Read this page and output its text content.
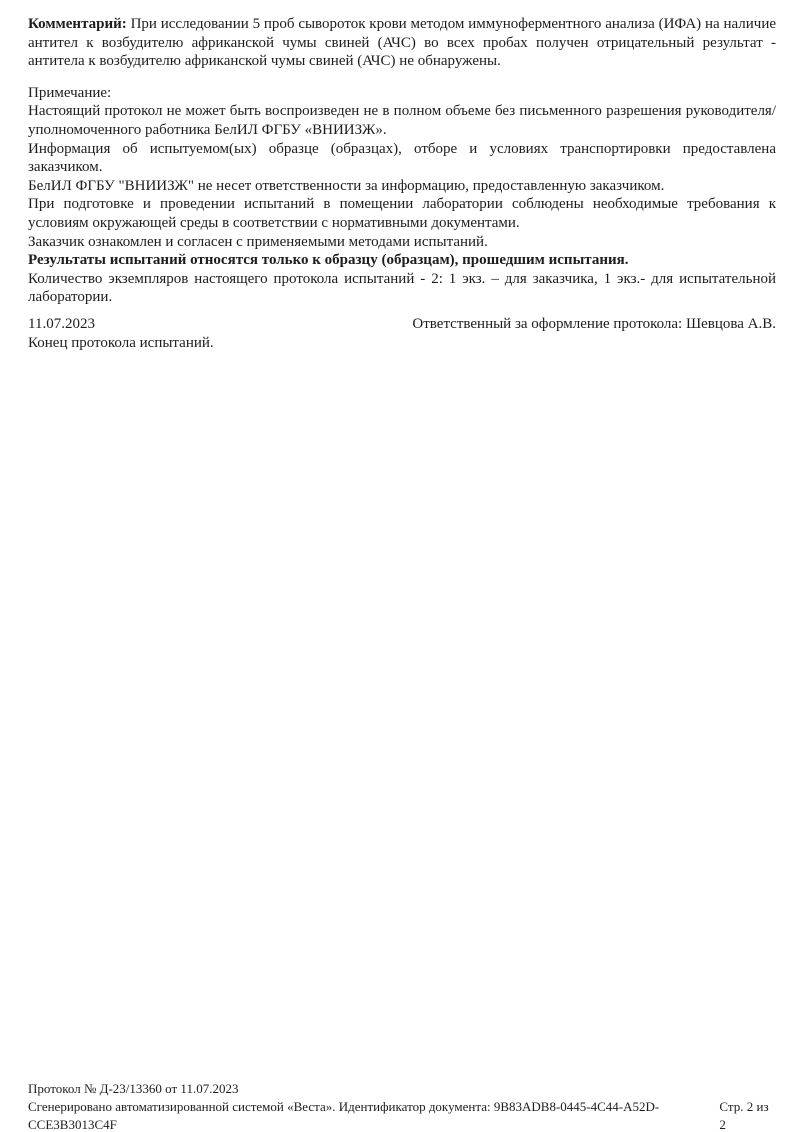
Комментарий: При исследовании 5 проб сывороток крови методом иммуноферментного анализа (ИФА) на наличие антител к возбудителю африканской чумы свиней (АЧС) во всех пробах получен отрицательный результат - антитела к возбудителю африканской чумы свиней (АЧС) не обнаружены.

Примечание:
Настоящий протокол не может быть воспроизведен не в полном объеме без письменного разрешения руководителя/уполномоченного работника БелИЛ ФГБУ «ВНИИЗЖ».
Информация об испытуемом(ых) образце (образцах), отборе и условиях транспортировки предоставлена заказчиком.
БелИЛ ФГБУ "ВНИИЗЖ" не несет ответственности за информацию, предоставленную заказчиком.
При подготовке и проведении испытаний в помещении лаборатории соблюдены необходимые требования к условиям окружающей среды в соответствии с нормативными документами.
Заказчик ознакомлен и согласен с применяемыми методами испытаний.
Результаты испытаний относятся только к образцу (образцам), прошедшим испытания.
Количество экземпляров настоящего протокола испытаний - 2: 1 экз. – для заказчика, 1 экз.- для испытательной лаборатории.
11.07.2023	Ответственный за оформление протокола: Шевцова А.В.
Конец протокола испытаний.
Протокол № Д-23/13360 от 11.07.2023
Сгенерировано автоматизированной системой «Веста». Идентификатор документа: 9B83ADB8-0445-4C44-A52D-CCE3B3013C4F
Стр. 2 из 2
